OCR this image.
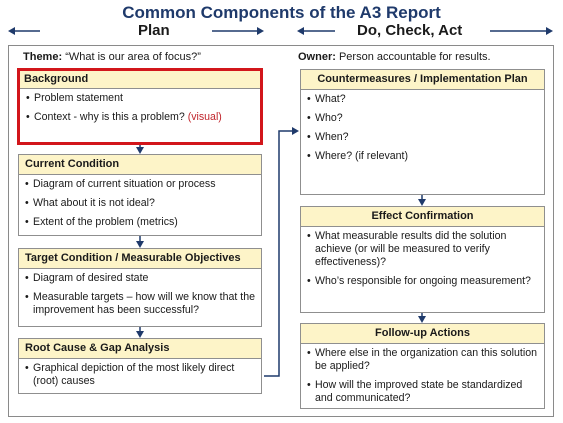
Common Components of the A3 Report
Plan	Do, Check, Act
Theme: “What is our area of focus?”	Owner: Person accountable for results.
Background
• Problem statement
• Context - why is this a problem? (visual)
Current Condition
• Diagram of current situation or process
• What about it is not ideal?
• Extent of the problem (metrics)
Target Condition / Measurable Objectives
• Diagram of desired state
• Measurable targets – how will we know that the improvement has been successful?
Root Cause & Gap Analysis
• Graphical depiction of the most likely direct (root) causes
Countermeasures / Implementation Plan
• What?
• Who?
• When?
• Where? (if relevant)
Effect Confirmation
• What measurable results did the solution achieve (or will be measured to verify effectiveness)?
• Who’s responsible for ongoing measurement?
Follow-up Actions
• Where else in the organization can this solution be applied?
• How will the improved state be standardized and communicated?
